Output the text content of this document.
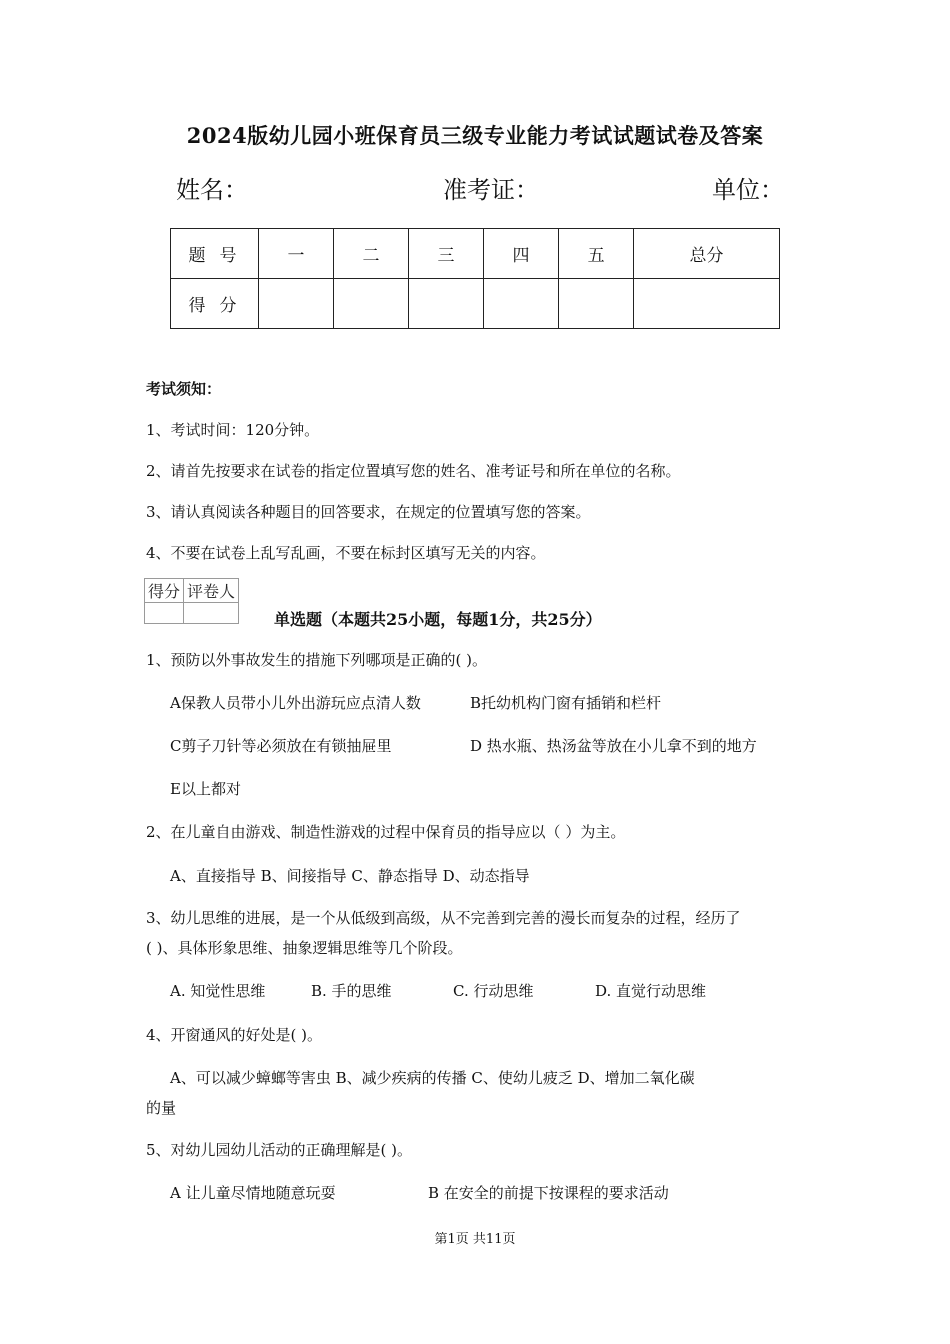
2024版幼儿园小班保育员三级专业能力考试试题试卷及答案
姓名：	准考证：	单位：
题号	一	二	三	四	五	总分
得分						
考试须知：
1、考试时间：120分钟。
2、请首先按要求在试卷的指定位置填写您的姓名、准考证号和所在单位的名称。
3、请认真阅读各种题目的回答要求，在规定的位置填写您的答案。
4、不要在试卷上乱写乱画，不要在标封区填写无关的内容。
得分	评卷人

单选题（本题共25小题，每题1分，共25分）
1、预防以外事故发生的措施下列哪项是正确的( )。
A保教人员带小儿外出游玩应点清人数	B托幼机构门窗有插销和栏杆
C剪子刀针等必须放在有锁抽屉里	D 热水瓶、热汤盆等放在小儿拿不到的地方
E以上都对
2、在儿童自由游戏、制造性游戏的过程中保育员的指导应以（ ）为主。
A、直接指导 B、间接指导 C、静态指导 D、动态指导
3、幼儿思维的进展，是一个从低级到高级，从不完善到完善的漫长而复杂的过程，经历了
( )、具体形象思维、抽象逻辑思维等几个阶段。
A. 知觉性思维	B. 手的思维	C. 行动思维	D. 直觉行动思维
4、开窗通风的好处是( )。
A、可以减少蟑螂等害虫 B、减少疾病的传播 C、使幼儿疲乏 D、增加二氧化碳
的量
5、对幼儿园幼儿活动的正确理解是( )。
A 让儿童尽情地随意玩耍	B 在安全的前提下按课程的要求活动
第1页 共11页
